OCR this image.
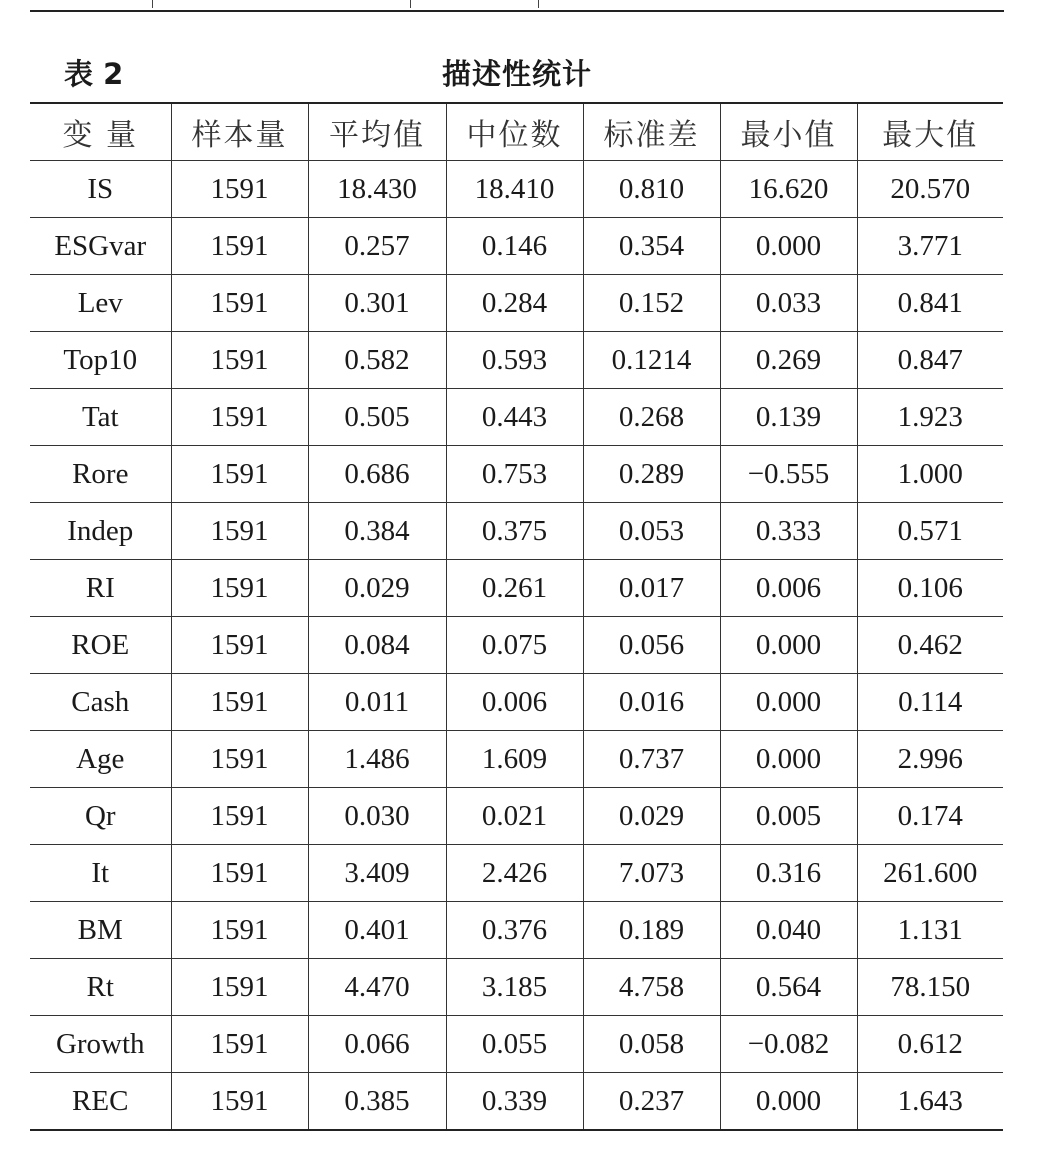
表 2	描述性统计
变 量	样本量	平均值	中位数	标准差	最小值	最大值
IS	1591	18.430	18.410	0.810	16.620	20.570
ESGvar	1591	0.257	0.146	0.354	0.000	3.771
Lev	1591	0.301	0.284	0.152	0.033	0.841
Top10	1591	0.582	0.593	0.1214	0.269	0.847
Tat	1591	0.505	0.443	0.268	0.139	1.923
Rore	1591	0.686	0.753	0.289	−0.555	1.000
Indep	1591	0.384	0.375	0.053	0.333	0.571
RI	1591	0.029	0.261	0.017	0.006	0.106
ROE	1591	0.084	0.075	0.056	0.000	0.462
Cash	1591	0.011	0.006	0.016	0.000	0.114
Age	1591	1.486	1.609	0.737	0.000	2.996
Qr	1591	0.030	0.021	0.029	0.005	0.174
It	1591	3.409	2.426	7.073	0.316	261.600
BM	1591	0.401	0.376	0.189	0.040	1.131
Rt	1591	4.470	3.185	4.758	0.564	78.150
Growth	1591	0.066	0.055	0.058	−0.082	0.612
REC	1591	0.385	0.339	0.237	0.000	1.643
